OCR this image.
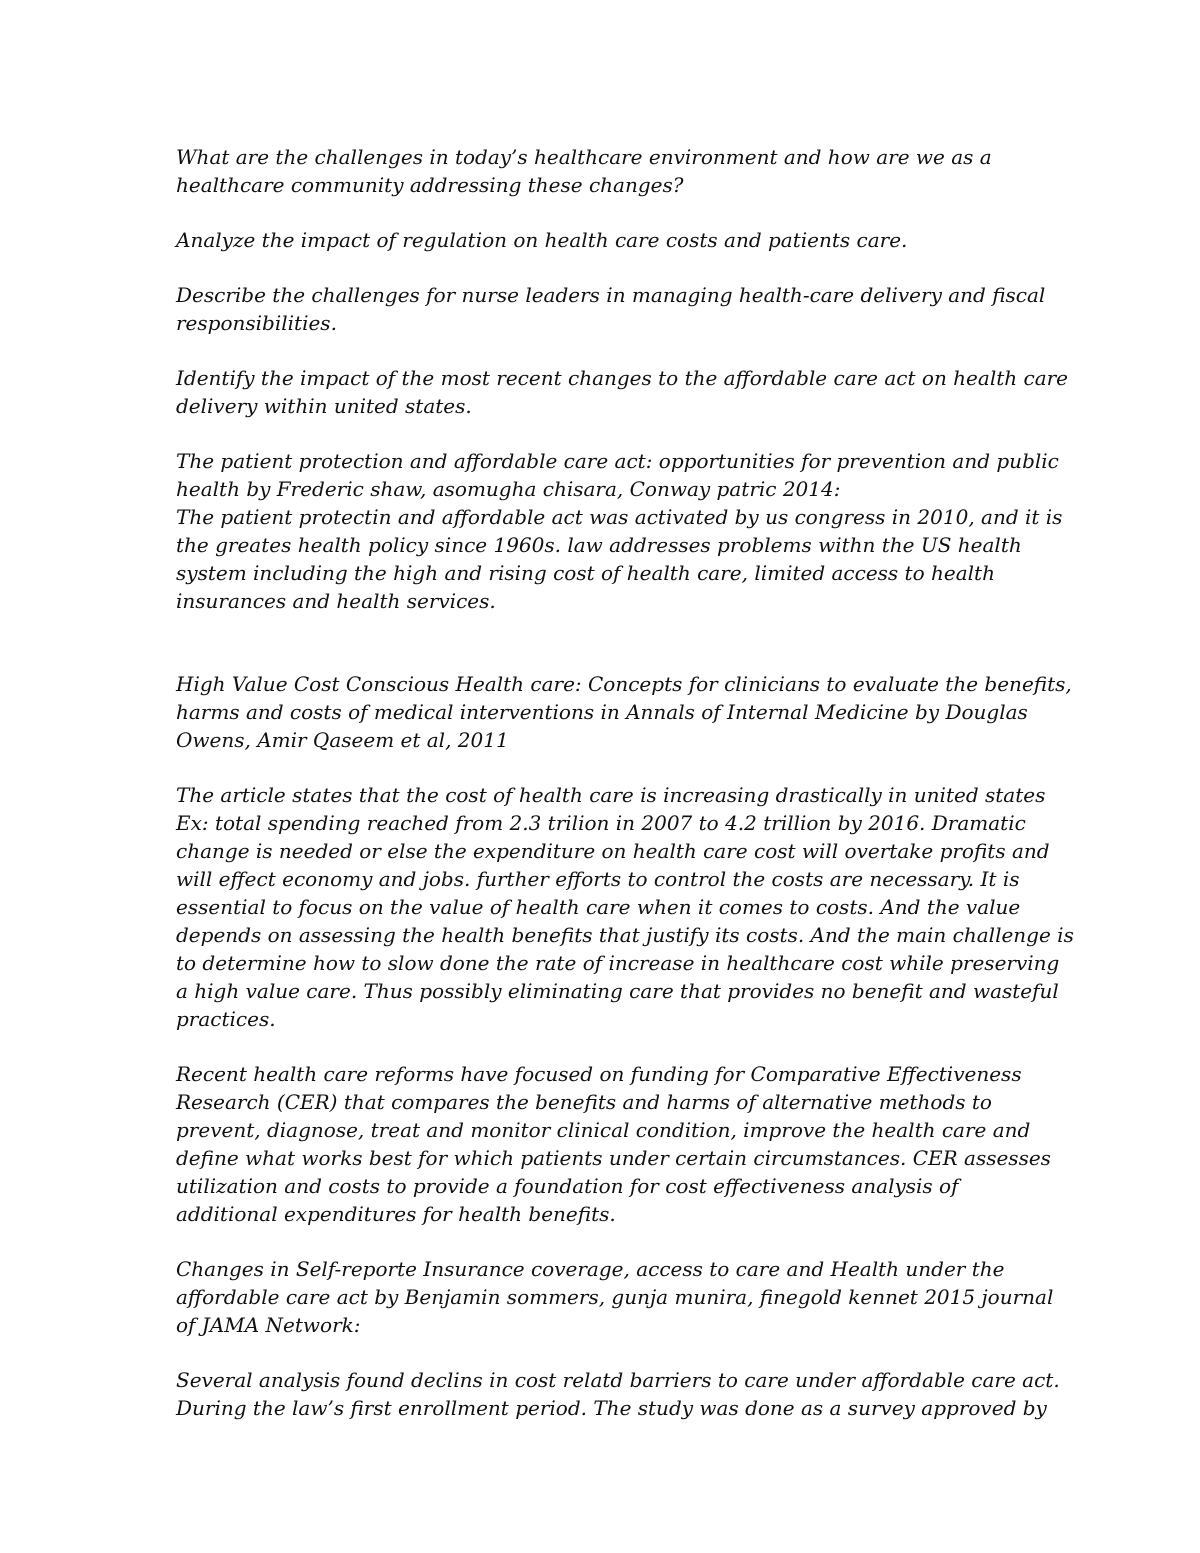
What are the challenges in today’s healthcare environment and how are we as a
healthcare community addressing these changes?
Analyze the impact of regulation on health care costs and patients care.
Describe the challenges for nurse leaders in managing health-care delivery and fiscal
responsibilities.
Identify the impact of the most recent changes to the affordable care act on health care
delivery within united states.
The patient protection and affordable care act: opportunities for prevention and public
health by Frederic shaw, asomugha chisara, Conway patric 2014:
The patient protectin and affordable act was activated by us congress in 2010, and it is
the greates health policy since 1960s. law addresses problems withn the US health
system including the high and rising cost of health care, limited access to health
insurances and health services.
High Value Cost Conscious Health care: Concepts for clinicians to evaluate the benefits,
harms and costs of medical interventions in Annals of Internal Medicine by Douglas
Owens, Amir Qaseem et al, 2011
The article states that the cost of health care is increasing drastically in united states
Ex: total spending reached from 2.3 trilion in 2007 to 4.2 trillion by 2016. Dramatic
change is needed or else the expenditure on health care cost will overtake profits and
will effect economy and jobs. further efforts to control the costs are necessary. It is
essential to focus on the value of health care when it comes to costs. And the value
depends on assessing the health benefits that justify its costs. And the main challenge is
to determine how to slow done the rate of increase in healthcare cost while preserving
a high value care. Thus possibly eliminating care that provides no benefit and wasteful
practices.
Recent health care reforms have focused on funding for Comparative Effectiveness
Research (CER) that compares the benefits and harms of alternative methods to
prevent, diagnose, treat and monitor clinical condition, improve the health care and
define what works best for which patients under certain circumstances. CER assesses
utilization and costs to provide a foundation for cost effectiveness analysis of
additional expenditures for health benefits.
Changes in Self-reporte Insurance coverage, access to care and Health under the
affordable care act by Benjamin sommers, gunja munira, finegold kennet 2015 journal
of JAMA Network:
Several analysis found declins in cost relatd barriers to care under affordable care act.
During the law’s first enrollment period. The study was done as a survey approved by
